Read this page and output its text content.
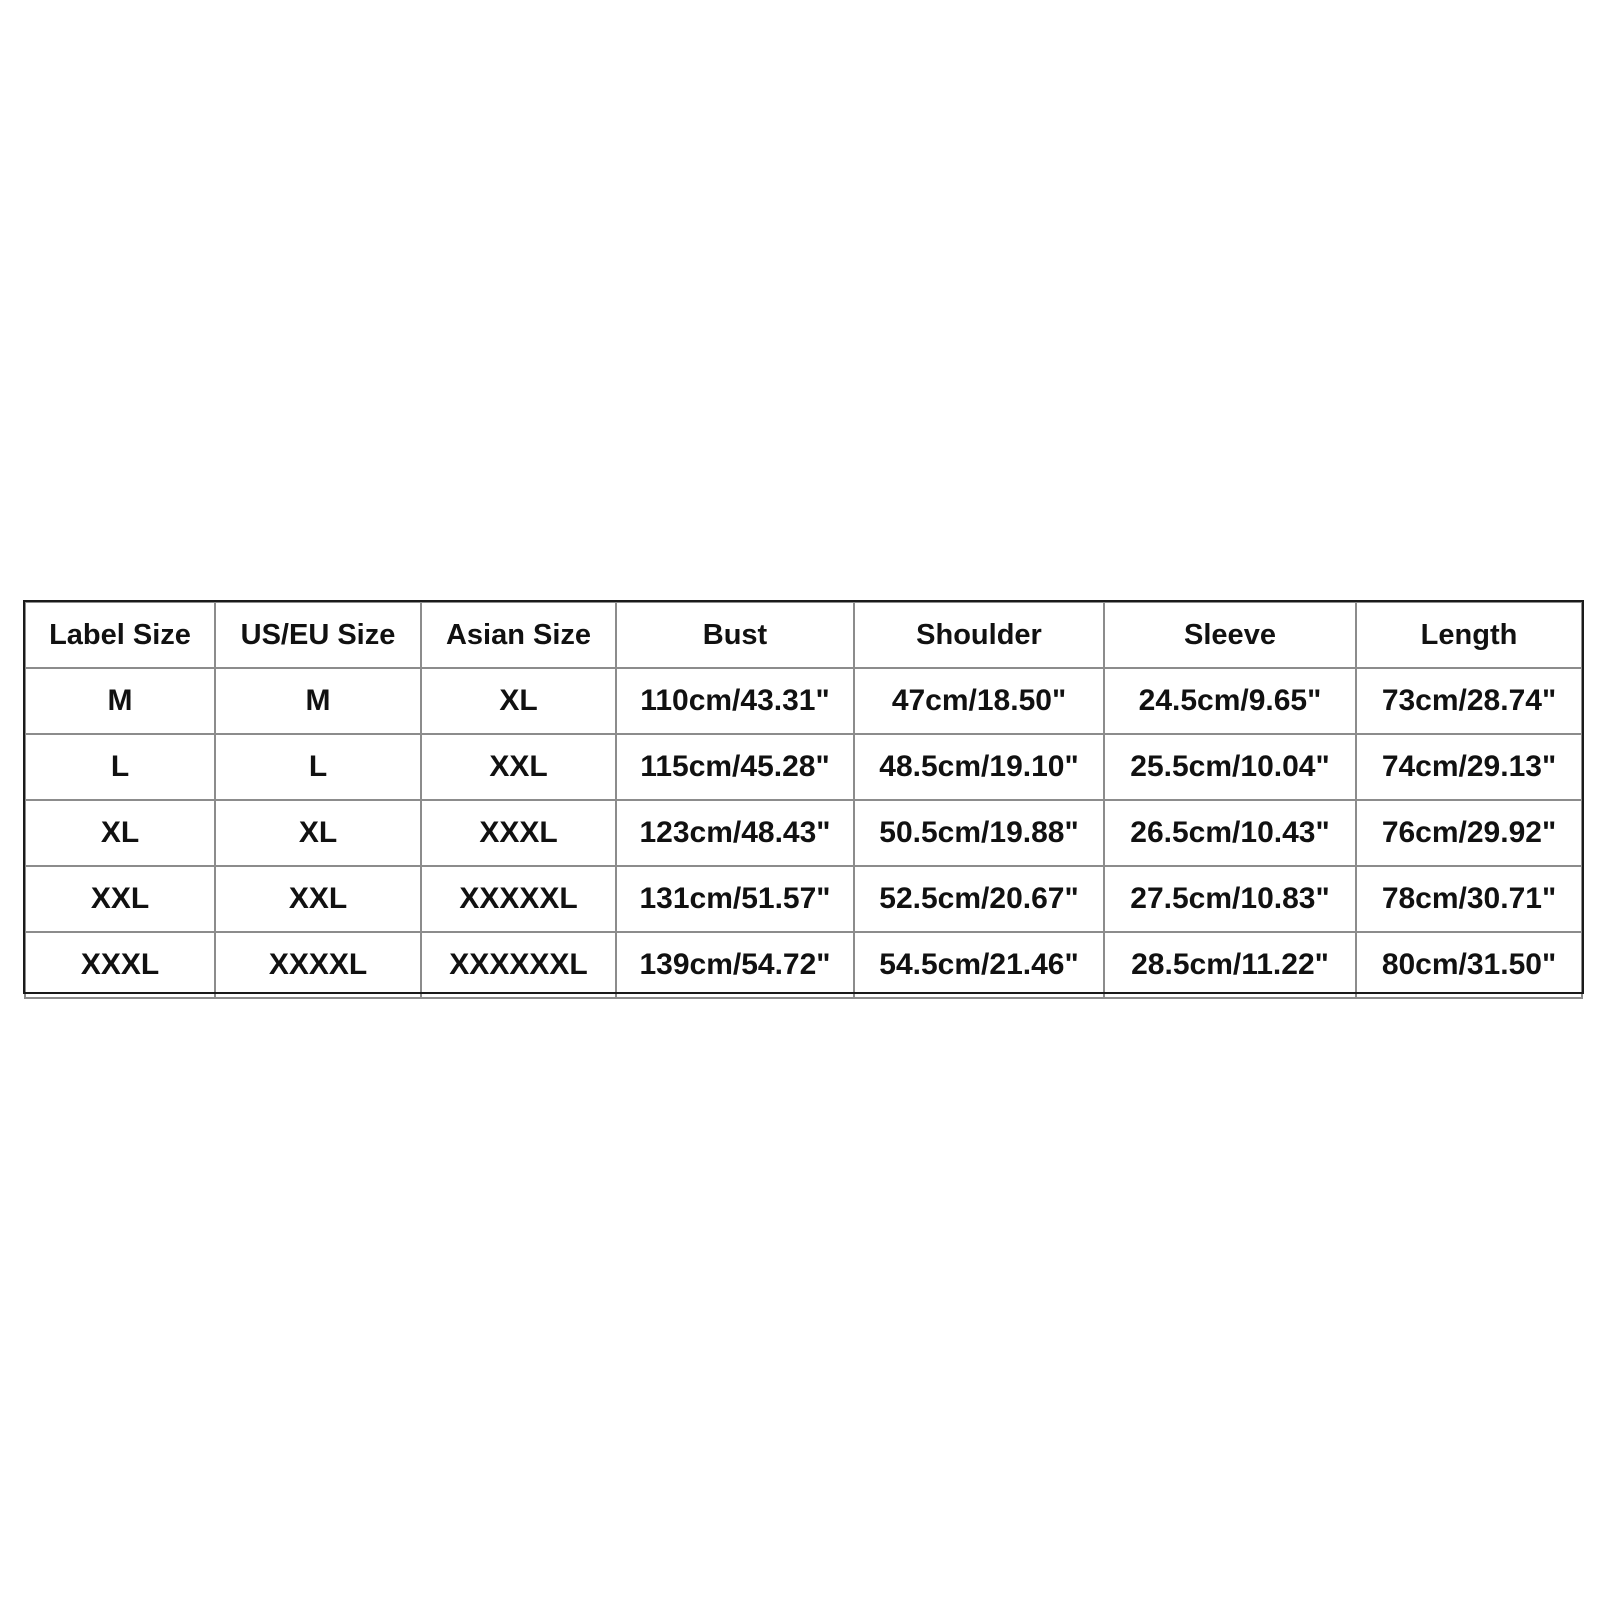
Label Size	US/EU Size	Asian Size	Bust	Shoulder	Sleeve	Length
M	M	XL	110cm/43.31"	47cm/18.50"	24.5cm/9.65"	73cm/28.74"
L	L	XXL	115cm/45.28"	48.5cm/19.10"	25.5cm/10.04"	74cm/29.13"
XL	XL	XXXL	123cm/48.43"	50.5cm/19.88"	26.5cm/10.43"	76cm/29.92"
XXL	XXL	XXXXXL	131cm/51.57"	52.5cm/20.67"	27.5cm/10.83"	78cm/30.71"
XXXL	XXXXL	XXXXXXL	139cm/54.72"	54.5cm/21.46"	28.5cm/11.22"	80cm/31.50"
